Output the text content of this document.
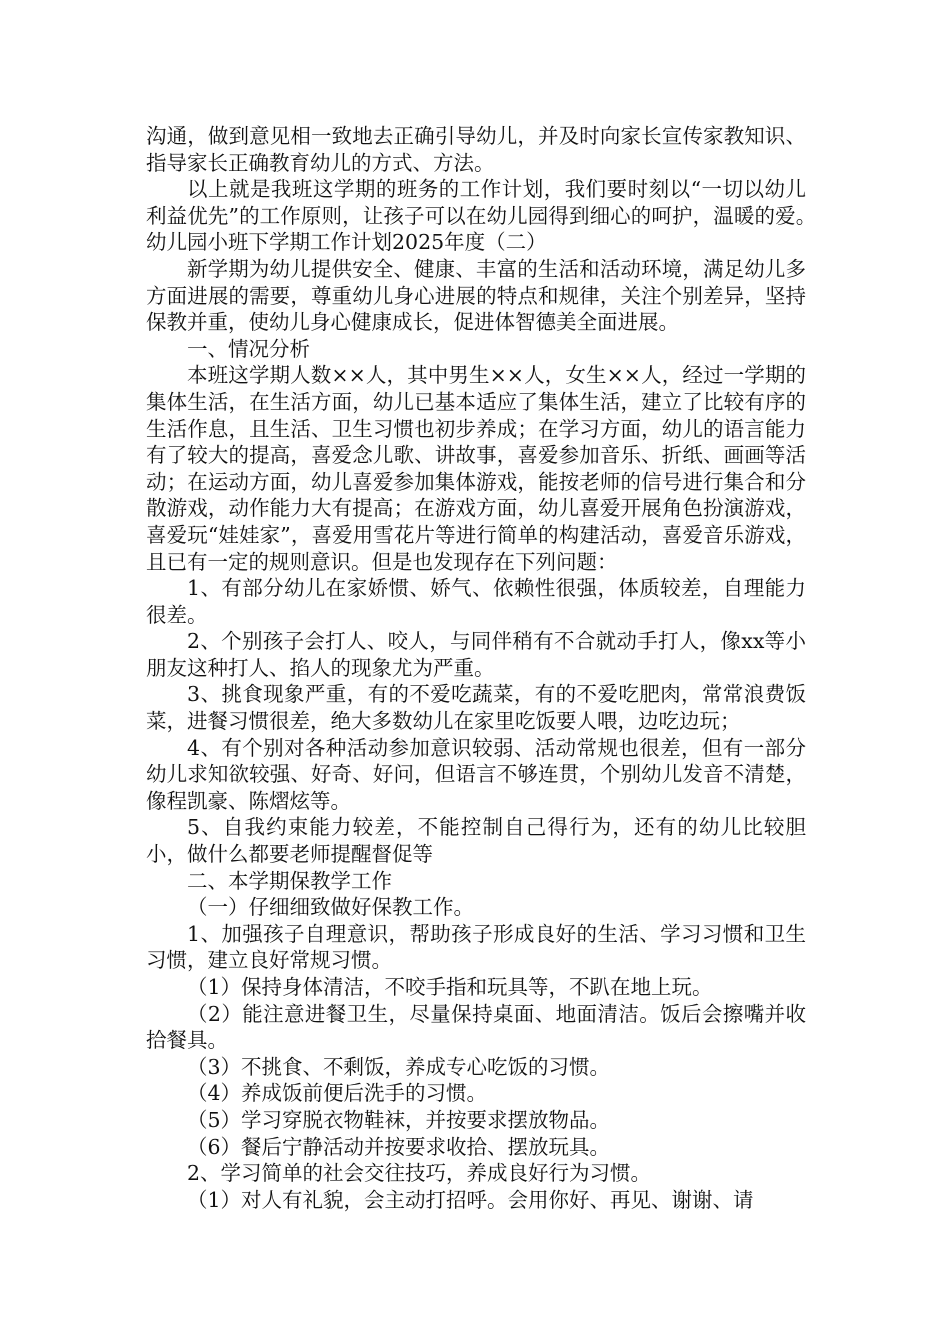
沟通，做到意见相一致地去正确引导幼儿，并及时向家长宣传家教知识、指导家长正确教育幼儿的方式、方法。

以上就是我班这学期的班务的工作计划，我们要时刻以“一切以幼儿利益优先”的工作原则，让孩子可以在幼儿园得到细心的呵护，温暖的爱。　　幼儿园小班下学期工作计划2025年度（二）

新学期为幼儿提供安全、健康、丰富的生活和活动环境，满足幼儿多方面进展的需要，尊重幼儿身心进展的特点和规律，关注个别差异，坚持保教并重，使幼儿身心健康成长，促进体智德美全面进展。

一、情况分析

本班这学期人数××人，其中男生××人，女生××人，经过一学期的集体生活，在生活方面，幼儿已基本适应了集体生活，建立了比较有序的生活作息，且生活、卫生习惯也初步养成；在学习方面，幼儿的语言能力有了较大的提高，喜爱念儿歌、讲故事，喜爱参加音乐、折纸、画画等活动；在运动方面，幼儿喜爱参加集体游戏，能按老师的信号进行集合和分散游戏，动作能力大有提高；在游戏方面，幼儿喜爱开展角色扮演游戏，喜爱玩“娃娃家”，喜爱用雪花片等进行简单的构建活动，喜爱音乐游戏，且已有一定的规则意识。但是也发现存在下列问题：

1、有部分幼儿在家娇惯、娇气、依赖性很强，体质较差，自理能力很差。

2、个别孩子会打人、咬人，与同伴稍有不合就动手打人，像xx等小朋友这种打人、掐人的现象尤为严重。

3、挑食现象严重，有的不爱吃蔬菜，有的不爱吃肥肉，常常浪费饭菜，进餐习惯很差，绝大多数幼儿在家里吃饭要人喂，边吃边玩；

4、有个别对各种活动参加意识较弱、活动常规也很差，但有一部分幼儿求知欲较强、好奇、好问，但语言不够连贯，个别幼儿发音不清楚，像程凯豪、陈熠炫等。

5、自我约束能力较差，不能控制自己得行为，还有的幼儿比较胆小，做什么都要老师提醒督促等

二、本学期保教学工作

（一）仔细细致做好保教工作。

1、加强孩子自理意识，帮助孩子形成良好的生活、学习习惯和卫生习惯，建立良好常规习惯。

（1）保持身体清洁，不咬手指和玩具等，不趴在地上玩。

（2）能注意进餐卫生，尽量保持桌面、地面清洁。饭后会擦嘴并收拾餐具。

（3）不挑食、不剩饭，养成专心吃饭的习惯。

（4）养成饭前便后洗手的习惯。

（5）学习穿脱衣物鞋袜，并按要求摆放物品。

（6）餐后宁静活动并按要求收拾、摆放玩具。

2、学习简单的社会交往技巧，养成良好行为习惯。

（1）对人有礼貌，会主动打招呼。会用你好、再见、谢谢、请
